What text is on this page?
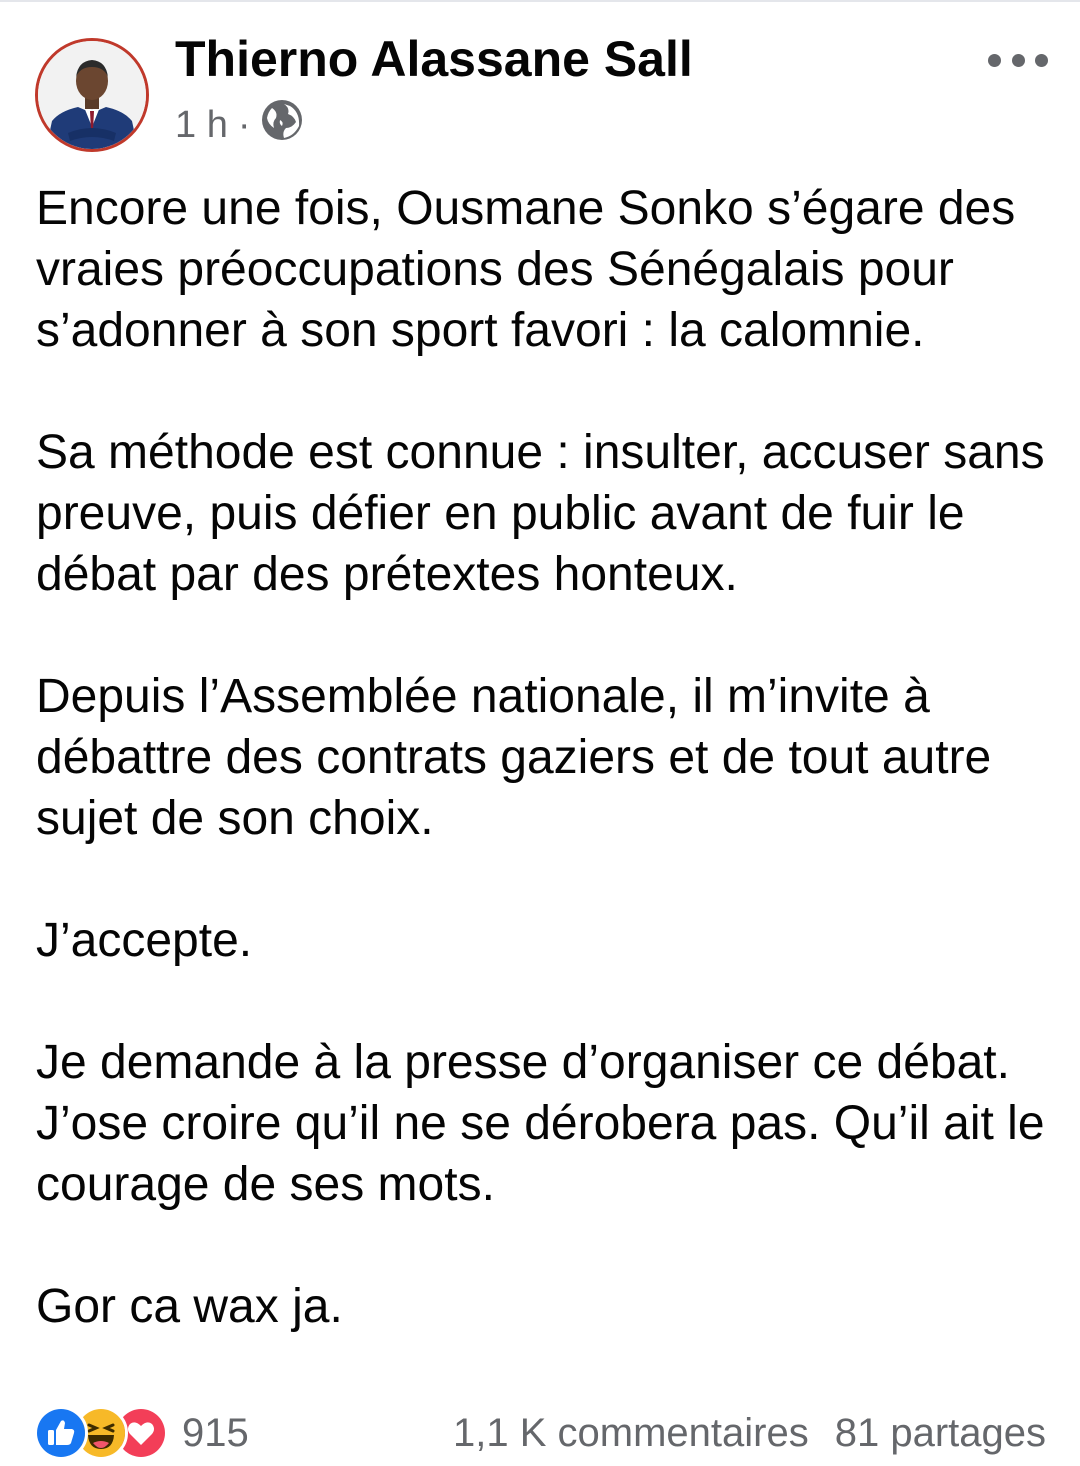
Thierno Alassane Sall
1 h ·

Encore une fois, Ousmane Sonko s’égare des vraies préoccupations des Sénégalais pour s’adonner à son sport favori : la calomnie.

Sa méthode est connue : insulter, accuser sans preuve, puis défier en public avant de fuir le débat par des prétextes honteux.

Depuis l’Assemblée nationale, il m’invite à débattre des contrats gaziers et de tout autre sujet de son choix.

J’accepte.

Je demande à la presse d’organiser ce débat. J’ose croire qu’il ne se dérobera pas. Qu’il ait le courage de ses mots.

Gor ca wax ja.

915	1,1 K commentaires 81 partages
